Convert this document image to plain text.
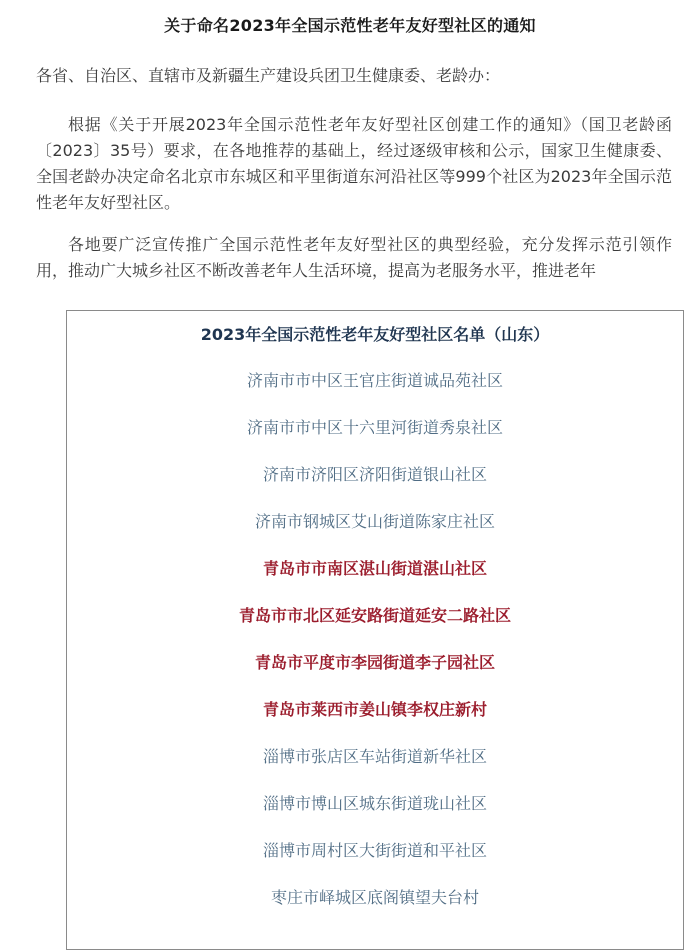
关于命名2023年全国示范性老年友好型社区的通知
各省、自治区、直辖市及新疆生产建设兵团卫生健康委、老龄办：
根据《关于开展2023年全国示范性老年友好型社区创建工作的通知》（国卫老龄函〔2023〕35号）要求，在各地推荐的基础上，经过逐级审核和公示，国家卫生健康委、全国老龄办决定命名北京市东城区和平里街道东河沿社区等999个社区为2023年全国示范性老年友好型社区。
各地要广泛宣传推广全国示范性老年友好型社区的典型经验，充分发挥示范引领作用，推动广大城乡社区不断改善老年人生活环境，提高为老服务水平，推进老年
2023年全国示范性老年友好型社区名单（山东）
济南市市中区王官庄街道诚品苑社区
济南市市中区十六里河街道秀泉社区
济南市济阳区济阳街道银山社区
济南市钢城区艾山街道陈家庄社区
青岛市市南区湛山街道湛山社区
青岛市市北区延安路街道延安二路社区
青岛市平度市李园街道李子园社区
青岛市莱西市姜山镇李权庄新村
淄博市张店区车站街道新华社区
淄博市博山区城东街道珑山社区
淄博市周村区大街街道和平社区
枣庄市峄城区底阁镇望夫台村
